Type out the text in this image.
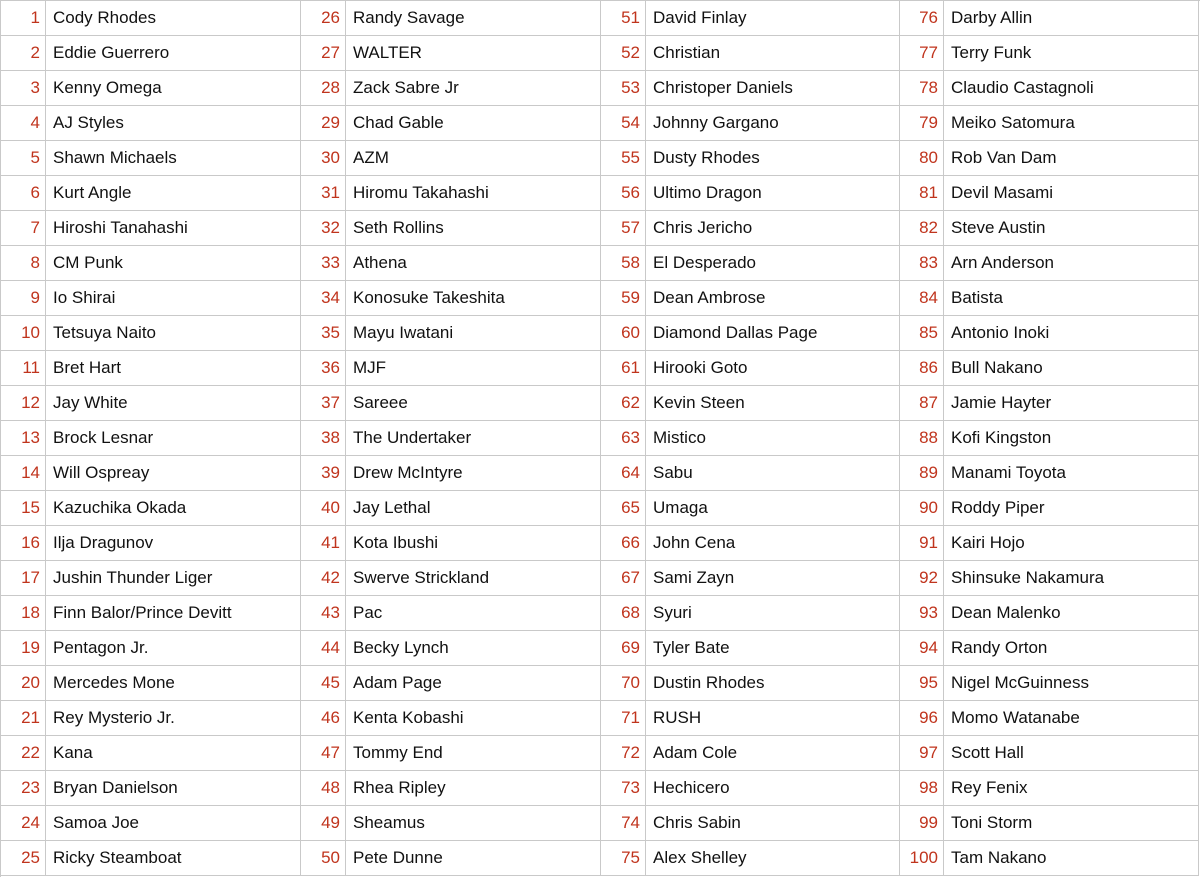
1
2
3
4
5
6
7
8
9
10
11
12
13
14
15
16
17
18
19
20
21
22
23
24
25
Cody Rhodes
Eddie Guerrero
Kenny Omega
AJ Styles
Shawn Michaels
Kurt Angle
Hiroshi Tanahashi
CM Punk
Io Shirai
Tetsuya Naito
Bret Hart
Jay White
Brock Lesnar
Will Ospreay
Kazuchika Okada
Ilja Dragunov
Jushin Thunder Liger
Finn Balor/Prince Devitt
Pentagon Jr.
Mercedes Mone
Rey Mysterio Jr.
Kana
Bryan Danielson
Samoa Joe
Ricky Steamboat
26
27
28
29
30
31
32
33
34
35
36
37
38
39
40
41
42
43
44
45
46
47
48
49
50
Randy Savage
WALTER
Zack Sabre Jr
Chad Gable
AZM
Hiromu Takahashi
Seth Rollins
Athena
Konosuke Takeshita
Mayu Iwatani
MJF
Sareee
The Undertaker
Drew McIntyre
Jay Lethal
Kota Ibushi
Swerve Strickland
Pac
Becky Lynch
Adam Page
Kenta Kobashi
Tommy End
Rhea Ripley
Sheamus
Pete Dunne
51
52
53
54
55
56
57
58
59
60
61
62
63
64
65
66
67
68
69
70
71
72
73
74
75
David Finlay
Christian
Christoper Daniels
Johnny Gargano
Dusty Rhodes
Ultimo Dragon
Chris Jericho
El Desperado
Dean Ambrose
Diamond Dallas Page
Hirooki Goto
Kevin Steen
Mistico
Sabu
Umaga
John Cena
Sami Zayn
Syuri
Tyler Bate
Dustin Rhodes
RUSH
Adam Cole
Hechicero
Chris Sabin
Alex Shelley
76
77
78
79
80
81
82
83
84
85
86
87
88
89
90
91
92
93
94
95
96
97
98
99
100
Darby Allin
Terry Funk
Claudio Castagnoli
Meiko Satomura
Rob Van Dam
Devil Masami
Steve Austin
Arn Anderson
Batista
Antonio Inoki
Bull Nakano
Jamie Hayter
Kofi Kingston
Manami Toyota
Roddy Piper
Kairi Hojo
Shinsuke Nakamura
Dean Malenko
Randy Orton
Nigel McGuinness
Momo Watanabe
Scott Hall
Rey Fenix
Toni Storm
Tam Nakano
